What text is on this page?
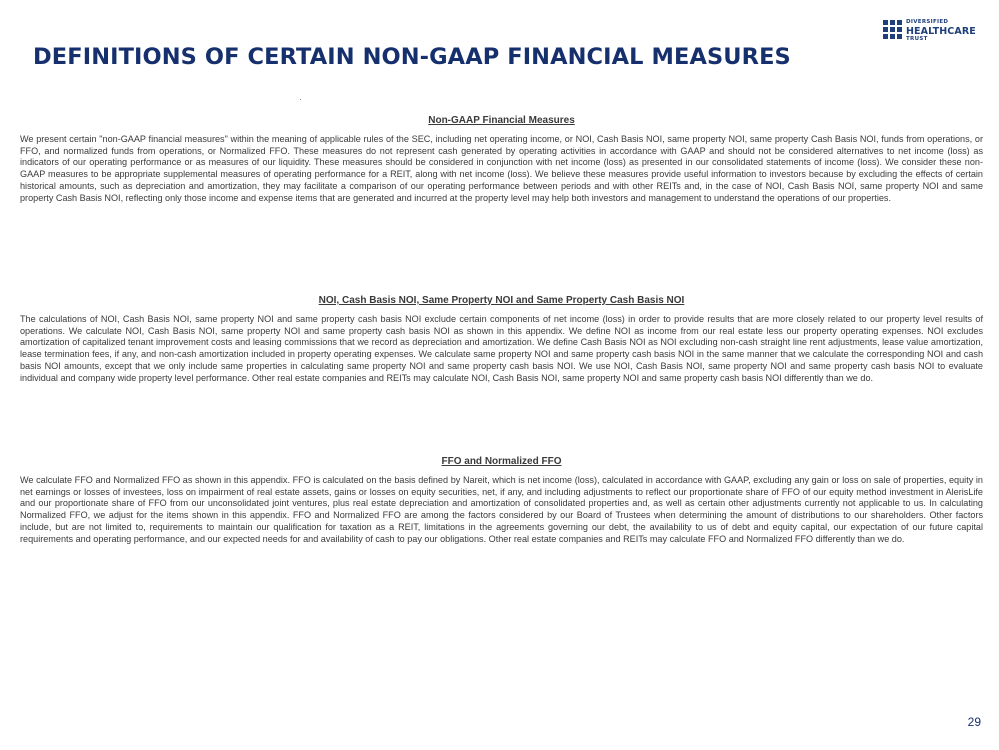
DEFINITIONS OF CERTAIN NON-GAAP FINANCIAL MEASURES
DIVERSIFIED
HEALTHCARE
TRUST
Non-GAAP Financial Measures

We present certain "non-GAAP financial measures" within the meaning of applicable rules of the SEC, including net operating income, or NOI, Cash Basis NOI, same property NOI, same property Cash Basis NOI, funds from operations, or FFO, and normalized funds from operations, or Normalized FFO. These measures do not represent cash generated by operating activities in accordance with GAAP and should not be considered alternatives to net income (loss) as indicators of our operating performance or as measures of our liquidity. These measures should be considered in conjunction with net income (loss) as presented in our consolidated statements of income (loss). We consider these non-GAAP measures to be appropriate supplemental measures of operating performance for a REIT, along with net income (loss). We believe these measures provide useful information to investors because by excluding the effects of certain historical amounts, such as depreciation and amortization, they may facilitate a comparison of our operating performance between periods and with other REITs and, in the case of NOI, Cash Basis NOI, same property NOI and same property Cash Basis NOI, reflecting only those income and expense items that are generated and incurred at the property level may help both investors and management to understand the operations of our properties.

NOI, Cash Basis NOI, Same Property NOI and Same Property Cash Basis NOI

The calculations of NOI, Cash Basis NOI, same property NOI and same property cash basis NOI exclude certain components of net income (loss) in order to provide results that are more closely related to our property level results of operations. We calculate NOI, Cash Basis NOI, same property NOI and same property cash basis NOI as shown in this appendix. We define NOI as income from our real estate less our property operating expenses. NOI excludes amortization of capitalized tenant improvement costs and leasing commissions that we record as depreciation and amortization. We define Cash Basis NOI as NOI excluding non-cash straight line rent adjustments, lease value amortization, lease termination fees, if any, and non-cash amortization included in property operating expenses. We calculate same property NOI and same property cash basis NOI in the same manner that we calculate the corresponding NOI and cash basis NOI amounts, except that we only include same properties in calculating same property NOI and same property cash basis NOI. We use NOI, Cash Basis NOI, same property NOI and same property cash basis NOI to evaluate individual and company wide property level performance. Other real estate companies and REITs may calculate NOI, Cash Basis NOI, same property NOI and same property cash basis NOI differently than we do.

FFO and Normalized FFO

We calculate FFO and Normalized FFO as shown in this appendix. FFO is calculated on the basis defined by Nareit, which is net income (loss), calculated in accordance with GAAP, excluding any gain or loss on sale of properties, equity in net earnings or losses of investees, loss on impairment of real estate assets, gains or losses on equity securities, net, if any, and including adjustments to reflect our proportionate share of FFO of our equity method investment in AlerisLife and our proportionate share of FFO from our unconsolidated joint ventures, plus real estate depreciation and amortization of consolidated properties and, as well as certain other adjustments currently not applicable to us. In calculating Normalized FFO, we adjust for the items shown in this appendix. FFO and Normalized FFO are among the factors considered by our Board of Trustees when determining the amount of distributions to our shareholders. Other factors include, but are not limited to, requirements to maintain our qualification for taxation as a REIT, limitations in the agreements governing our debt, the availability to us of debt and equity capital, our expectation of our future capital requirements and operating performance, and our expected needs for and availability of cash to pay our obligations. Other real estate companies and REITs may calculate FFO and Normalized FFO differently than we do.

29
